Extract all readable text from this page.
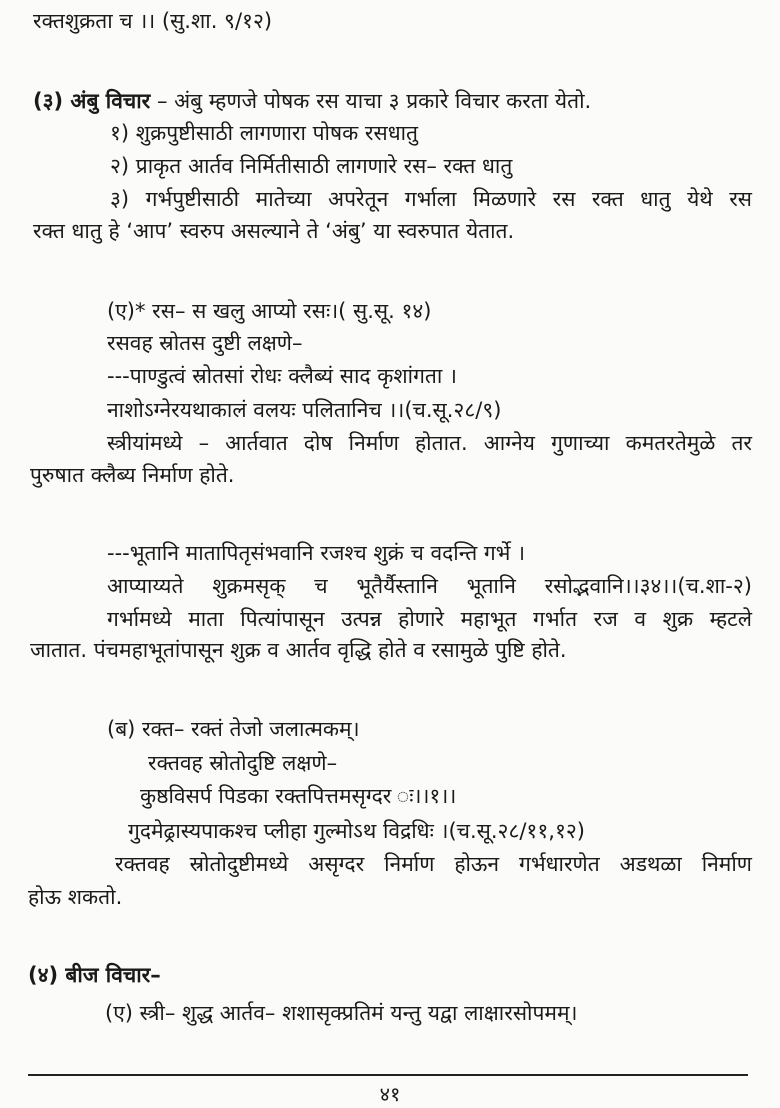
रक्तशुक्रता च ।। (सु.शा. ९/१२)
(३) अंबु विचार – अंबु म्हणजे पोषक रस याचा ३ प्रकारे विचार करता येतो.
१) शुक्रपुष्टीसाठी लागणारा पोषक रसधातु
२) प्राकृत आर्तव निर्मितीसाठी लागणारे रस– रक्त धातु
३) गर्भपुष्टीसाठी मातेच्या अपरेतून गर्भाला मिळणारे रस रक्त धातु येथे रस
रक्त धातु हे ‘आप’ स्वरुप असल्याने ते ‘अंबु’ या स्वरुपात येतात.
(ए)* रस– स खलु आप्यो रसः।( सु.सू. १४)
रसवह स्रोतस दुष्टी लक्षणे–
---पाण्डुत्वं स्रोतसां रोधः क्लैब्यं साद कृशांगता ।
नाशोऽग्नेरयथाकालं वलयः पलितानिच ।।(च.सू.२८/९)
स्त्रीयांमध्ये – आर्तवात दोष निर्माण होतात. आग्नेय गुणाच्या कमतरतेमुळे तर
पुरुषात क्लैब्य निर्माण होते.
---भूतानि मातापितृसंभवानि रजश्च शुक्रं च वदन्ति गर्भे ।
आप्याय्यते शुक्रमसृक् च भूतैर्यैस्तानि भूतानि रसोद्भवानि।।३४।।(च.शा-२)
गर्भामध्ये माता पित्यांपासून उत्पन्न होणारे महाभूत गर्भात रज व शुक्र म्हटले
जातात. पंचमहाभूतांपासून शुक्र व आर्तव वृद्धि होते व रसामुळे पुष्टि होते.
(ब) रक्त– रक्तं तेजो जलात्मकम्।
रक्तवह स्रोतोदुष्टि लक्षणे–
कुष्ठविसर्प पिडका रक्तपित्तमसृग्दर ः।।१।।
गुदमेढ्रास्यपाकश्च प्लीहा गुल्मोऽथ विद्रधिः ।(च.सू.२८/११,१२)
रक्तवह स्रोतोदुष्टीमध्ये असृग्दर निर्माण होऊन गर्भधारणेत अडथळा निर्माण
होऊ शकतो.
(४) बीज विचार–
(ए) स्त्री– शुद्ध आर्तव– शशासृक्प्रतिमं यन्तु यद्वा लाक्षारसोपमम्।
४१
